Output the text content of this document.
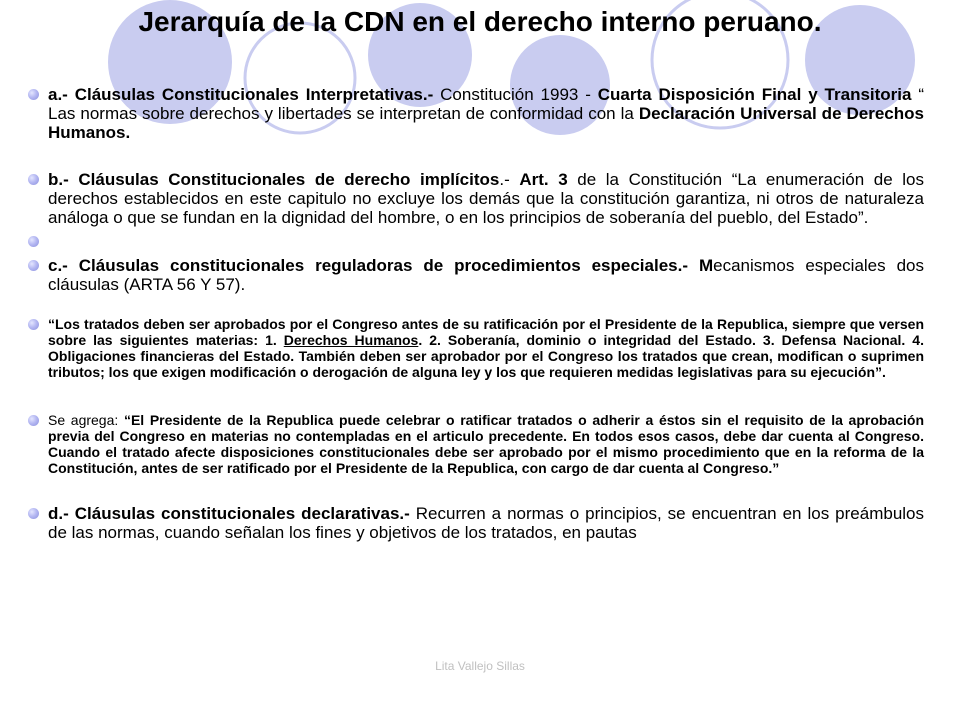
Jerarquía de la CDN en el derecho interno peruano.
a.- Cláusulas Constitucionales Interpretativas.- Constitución 1993 - Cuarta Disposición Final y Transitoria “ Las normas sobre derechos y libertades se interpretan de conformidad con la Declaración Universal de Derechos Humanos.
b.- Cláusulas Constitucionales de derecho implícitos.- Art. 3 de la Constitución “La enumeración de los derechos establecidos en este capitulo no excluye los demás que la constitución garantiza, ni otros de naturaleza análoga o que se fundan en la dignidad del hombre, o en los principios de soberanía del pueblo, del Estado”.
c.- Cláusulas constitucionales reguladoras de procedimientos especiales.- Mecanismos especiales dos cláusulas (ARTA 56 Y 57).
“Los tratados deben ser aprobados por el Congreso antes de su ratificación por el Presidente de la Republica, siempre que versen sobre las siguientes materias: 1. Derechos Humanos. 2. Soberanía, dominio o integridad del Estado. 3. Defensa Nacional. 4. Obligaciones financieras del Estado. También deben ser aprobador por el Congreso los tratados que crean, modifican o suprimen tributos; los que exigen modificación o derogación de alguna ley y los que requieren medidas legislativas para su ejecución”.
Se agrega: “El Presidente de la Republica puede celebrar o ratificar tratados o adherir a éstos sin el requisito de la aprobación previa del Congreso en materias no contempladas en el articulo precedente. En todos esos casos, debe dar cuenta al Congreso. Cuando el tratado afecte disposiciones constitucionales debe ser aprobado por el mismo procedimiento que en la reforma de la Constitución, antes de ser ratificado por el Presidente de la Republica, con cargo de dar cuenta al Congreso.”
d.- Cláusulas constitucionales declarativas.- Recurren a normas o principios, se encuentran en los preámbulos de las normas, cuando señalan los fines y objetivos de los tratados, en pautas
Lita Vallejo Sillas
